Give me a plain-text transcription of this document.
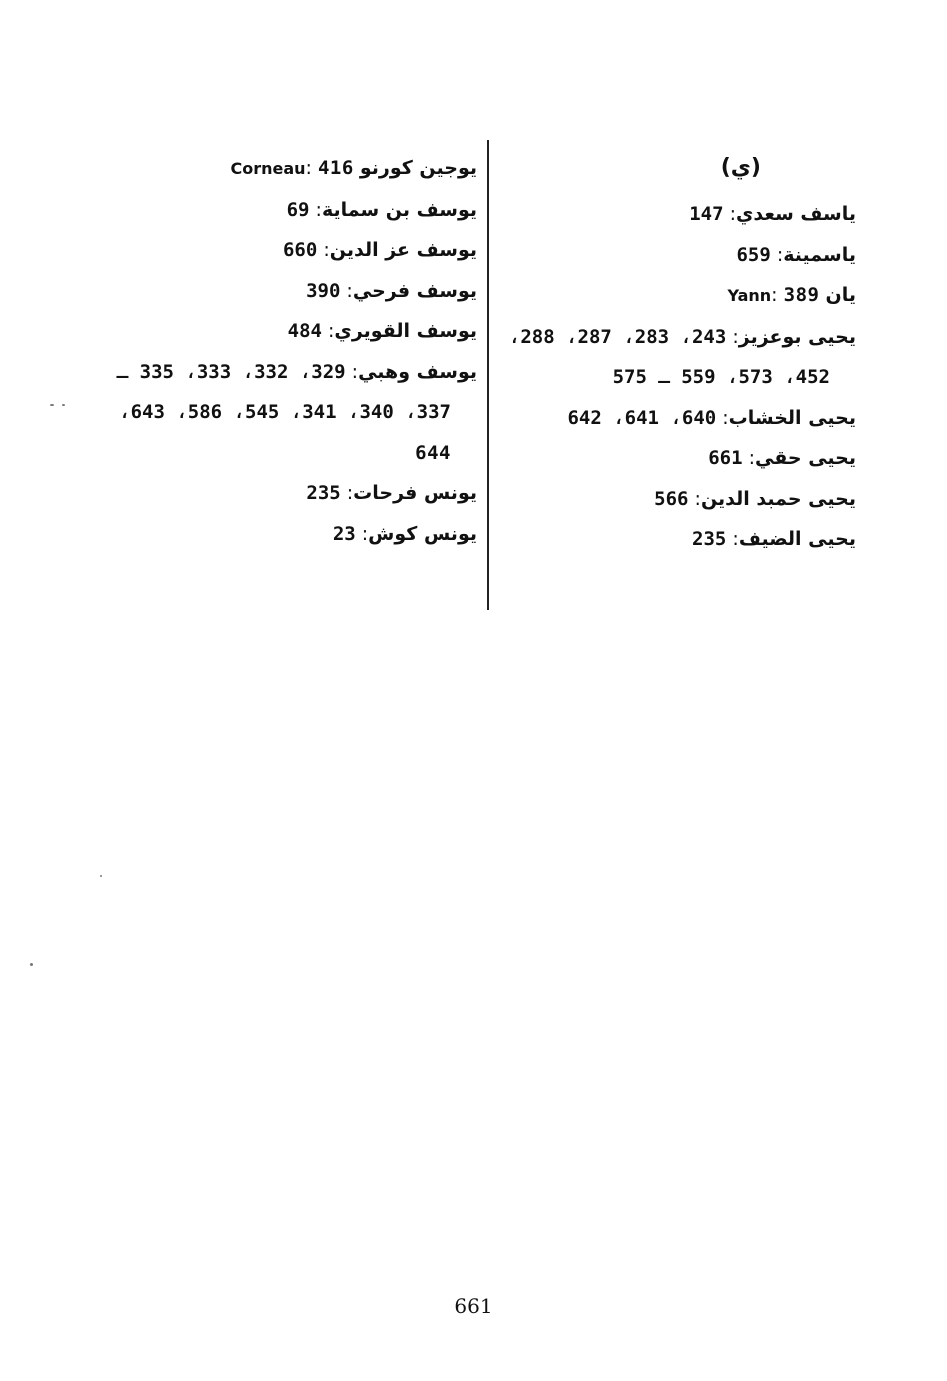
(ي)
ياسف سعدي: 147
ياسمينة: 659
يان Yann: 389
يحيى بوعزيز: 243، 283، 287، 288،
452، 573، 559 ـ 575
يحيى الخشاب: 640، 641، 642
يحيى حقي: 661
يحيى حمبد الدين: 566
يحيى الضيف: 235
يوجين كورنو Corneau: 416
يوسف بن سماية: 69
يوسف عز الدين: 660
يوسف فرحي: 390
يوسف القويري: 484
يوسف وهبي: 329، 332، 333، 335 ـ
337، 340، 341، 545، 586، 643،
644
يونس فرحات: 235
يونس كوش: 23
661
